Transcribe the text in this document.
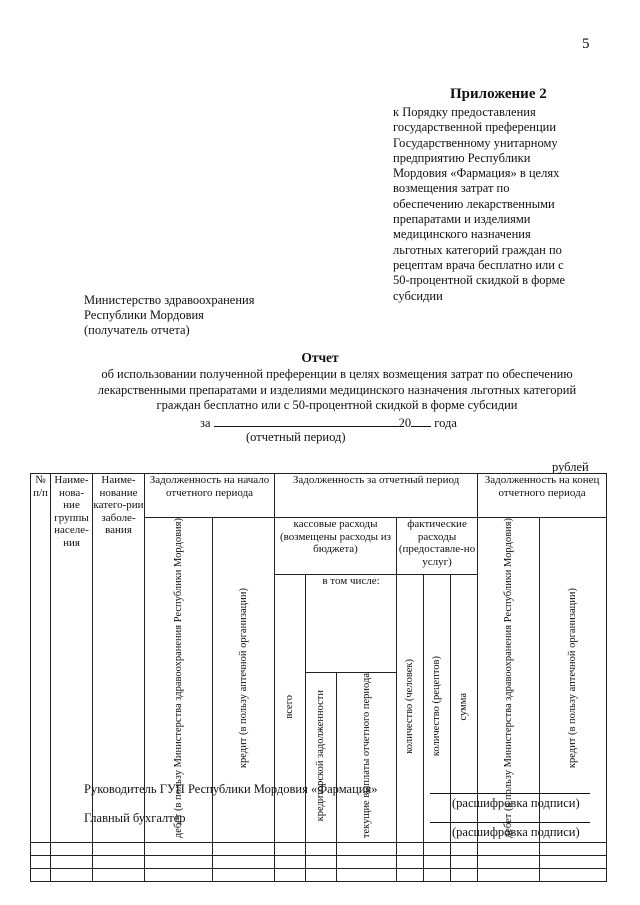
5
Приложение 2
к Порядку предоставления
государственной преференции
Государственному унитарному
предприятию Республики
Мордовия «Фармация» в целях
возмещения затрат по
обеспечению лекарственными
препаратами и изделиями
медицинского назначения
льготных категорий граждан по
рецептам врача бесплатно или с
50-процентной скидкой в форме
субсидии
Министерство здравоохранения
Республики Мордовия
(получатель отчета)
Отчет
об использовании полученной преференции в целях возмещения затрат по обеспечению
лекарственными препаратами и изделиями медицинского назначения льготных категорий
граждан бесплатно или с 50-процентной скидкой в форме субсидии
за	20 года
(отчетный период)
рублей
№ п/п	Наиме-нова-ние группы населе-ния	Наиме-нование катего-рии заболе-вания	Задолженность на начало отчетного периода		Задолженность за отчетный период						Задолженность на конец отчетного периода	
			дебет (в пользу Министерства здравоохранения Республики Мордовия)	кредит (в пользу аптечной организации)	кассовые расходы (возмещены расходы из бюджета)			фактические расходы (предоставле-но услуг)			дебет (в пользу Министерства здравоохранения Республики Мордовия)	кредит (в пользу аптечной организации)
					всего	в том числе:		количество (человек)	количество (рецептов)	сумма		
						кредиторской задолженности	текущие выплаты отчетного периода					

Руководитель ГУП Республики Мордовия «Фармация»
(расшифровка подписи)
Главный бухгалтер
(расшифровка подписи)
